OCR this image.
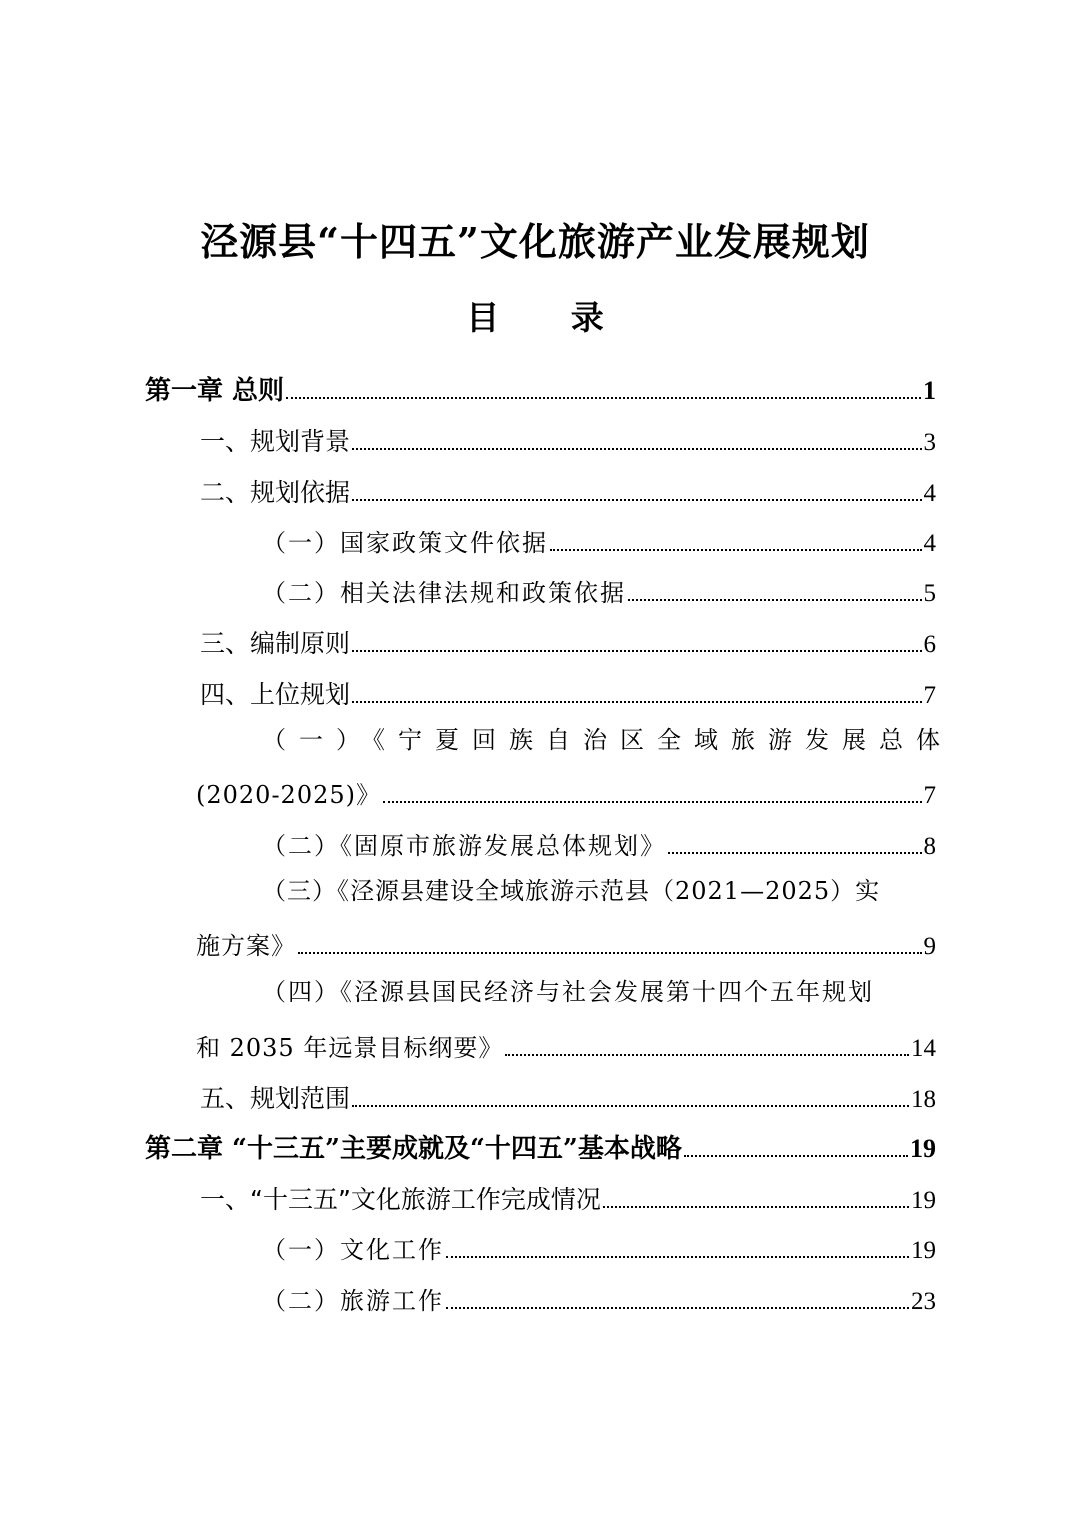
泾源县“十四五”文化旅游产业发展规划
目 录
第一章 总则	1
一、规划背景	3
二、规划依据	4
（一）国家政策文件依据	4
（二）相关法律法规和政策依据	5
三、编制原则	6
四、上位规划	7
（一）《宁夏回族自治区全域旅游发展总体
(2020-2025)》	7
（二）《固原市旅游发展总体规划》	8
（三）《泾源县建设全域旅游示范县（2021—2025）实
施方案》	9
（四）《泾源县国民经济与社会发展第十四个五年规划
和 2035 年远景目标纲要》	14
五、规划范围	18
第二章 “十三五”主要成就及“十四五”基本战略	19
一、“十三五”文化旅游工作完成情况	19
（一）文化工作	19
（二）旅游工作	23
